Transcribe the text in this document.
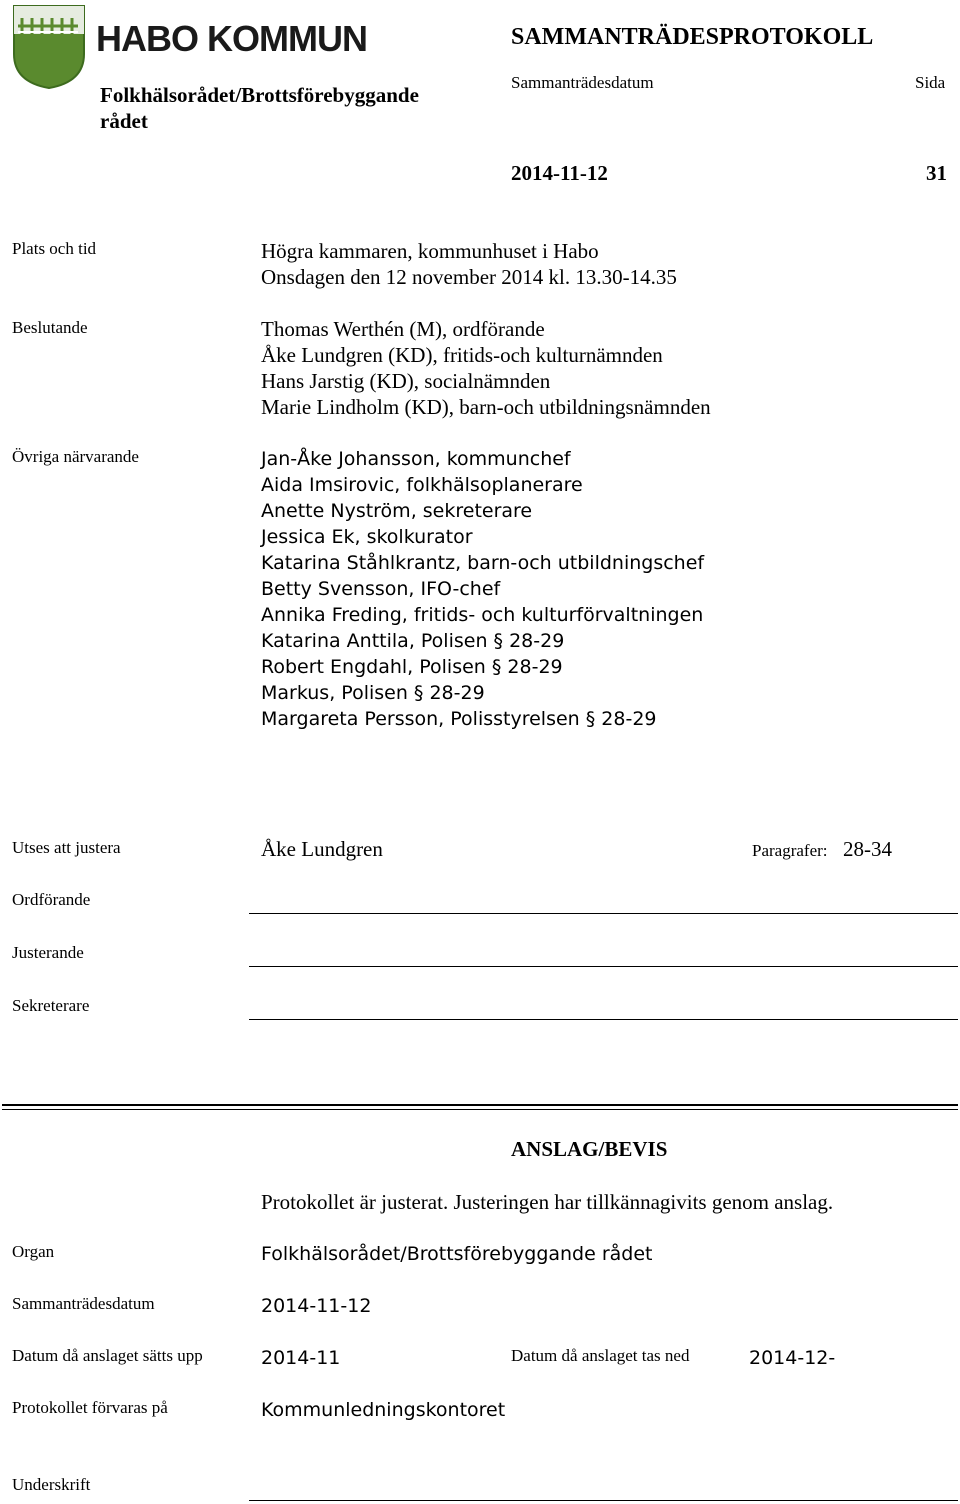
HABO KOMMUN	SAMMANTRÄDESPROTOKOLL
Folkhälsorådet/Brottsförebyggande
rådet
Sammanträdesdatum	Sida
2014-11-12	31
Plats och tid	Högra kammaren, kommunhuset i Habo
Onsdagen den 12 november 2014 kl. 13.30-14.35
Beslutande	Thomas Werthén (M), ordförande
Åke Lundgren (KD), fritids-och kulturnämnden
Hans Jarstig (KD), socialnämnden
Marie Lindholm (KD), barn-och utbildningsnämnden
Övriga närvarande	Jan-Åke Johansson, kommunchef
Aida Imsirovic, folkhälsoplanerare
Anette Nyström, sekreterare
Jessica Ek, skolkurator
Katarina Ståhlkrantz, barn-och utbildningschef
Betty Svensson, IFO-chef
Annika Freding, fritids- och kulturförvaltningen
Katarina Anttila, Polisen § 28-29
Robert Engdahl, Polisen § 28-29
Markus, Polisen § 28-29
Margareta Persson, Polisstyrelsen § 28-29
Utses att justera	Åke Lundgren	Paragrafer: 28-34
Ordförande
Justerande
Sekreterare
ANSLAG/BEVIS
Protokollet är justerat. Justeringen har tillkännagivits genom anslag.
Organ	Folkhälsorådet/Brottsförebyggande rådet
Sammanträdesdatum	2014-11-12
Datum då anslaget sätts upp	2014-11	Datum då anslaget tas ned	2014-12-
Protokollet förvaras på	Kommunledningskontoret
Underskrift
